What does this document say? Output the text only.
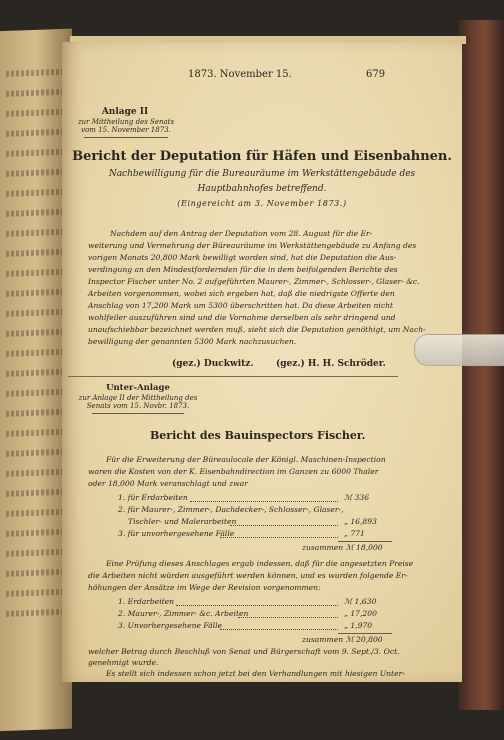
1873. November 15.	679
Anlage II
zur Mittheilung des Senats
vom 15. November 1873.
Bericht der Deputation für Häfen und Eisenbahnen.
Nachbewilligung für die Bureauräume im Werkstättengebäude des
Hauptbahnhofes betreffend.
(Eingereicht am 3. November 1873.)
Nachdem auf den Antrag der Deputation vom 28. August für die Er-
weiterung und Vermehrung der Büreauräume im Werkstättengebäude zu Anfang des
vorigen Monats 20,800 Mark bewilligt worden sind, hat die Deputation die Aus-
verdingung an den Mindestfordernden für die in dem beifolgenden Berichte des
Inspector Fischer unter No. 2 aufgeführten Maurer-, Zimmer-, Schlosser-, Glaser- &c.
Arbeiten vorgenommen, wobei sich ergeben hat, daß die niedrigste Offerte den
Anschlag von 17,200 Mark um 5300 überschritten hat. Da diese Arbeiten nicht
wohlfeiler auszuführen sind und die Vornahme derselben als sehr dringend und
unaufschiebbar bezeichnet werden muß, sieht sich die Deputation genöthigt, um Nach-
bewilligung der genannten 5300 Mark nachzusuchen.
(gez.) Duckwitz. (gez.) H. H. Schröder.
Unter-Anlage
zur Anlage II der Mittheilung des
Senats vom 15. Novbr. 1873.
Bericht des Bauinspectors Fischer.
Für die Erweiterung der Büreaulocale der Königl. Maschinen-Inspection
waren die Kosten von der K. Eisenbahndirection im Ganzen zu 6000 Thaler
oder 18,000 Mark veranschlagt und zwar
1. für Erdarbeiten	ℳ 336
2. für Maurer-, Zimmer-, Dachdecker-, Schlosser-, Glaser-,
Tischler- und Malerarbeiten	„ 16,893
3. für unvorhergesehene Fälle	„ 771
zusammen ℳ 18,000
Eine Prüfung dieses Anschlages ergab indessen, daß für die angesetzten Preise
die Arbeiten nicht würden ausgeführt werden können, und es wurden folgende Er-
höhungen der Ansätze im Wege der Revision vorgenommen:
1. Erdarbeiten	ℳ 1,630
2. Maurer-, Zimmer- &c. Arbeiten	„ 17,200
3. Unvorhergesehene Fälle	„ 1,970
zusammen ℳ 20,800
welcher Betrag durch Beschluß von Senat und Bürgerschaft vom 9. Sept./3. Oct.
genehmigt wurde.
Es stellt sich indessen schon jetzt bei den Verhandlungen mit hiesigen Unter-
nehmern wegen Ausführung der sub 2 bezeichneten Arbeiten heraus, daß dieselben
187
